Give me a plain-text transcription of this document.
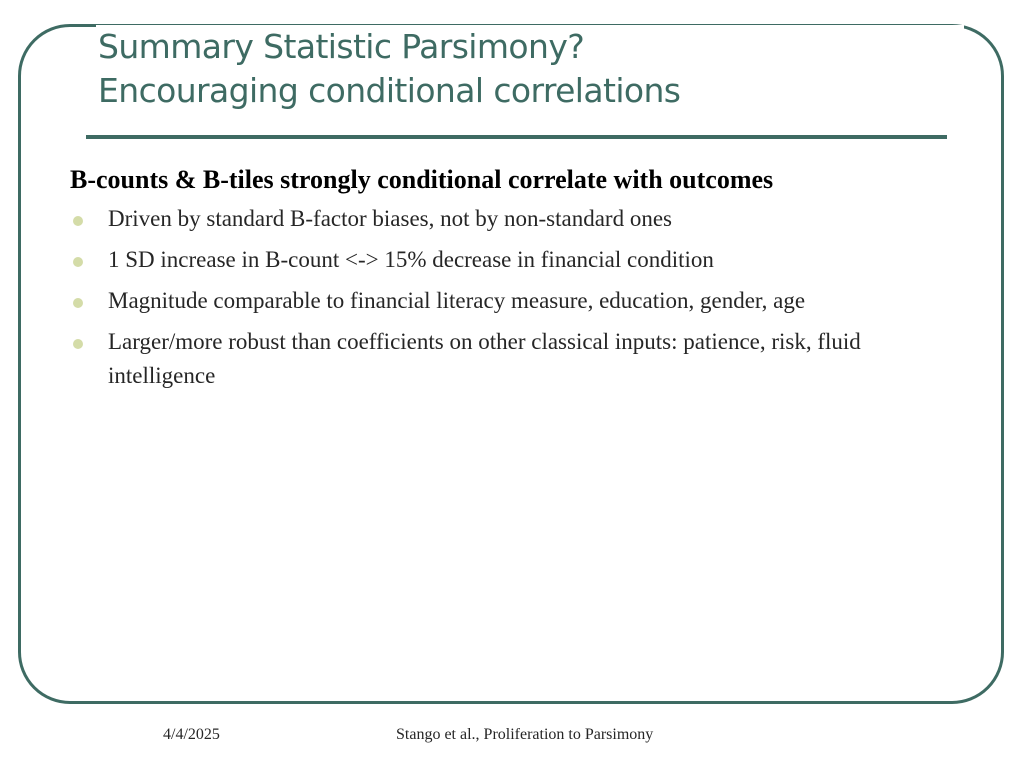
Summary Statistic Parsimony?
Encouraging conditional correlations
B-counts & B-tiles strongly conditional correlate with outcomes
Driven by standard B-factor biases, not by non-standard ones
1 SD increase in B-count <-> 15% decrease in financial condition
Magnitude comparable to financial literacy measure, education, gender, age
Larger/more robust than coefficients on other classical inputs: patience, risk, fluid intelligence
4/4/2025	Stango et al., Proliferation to Parsimony
